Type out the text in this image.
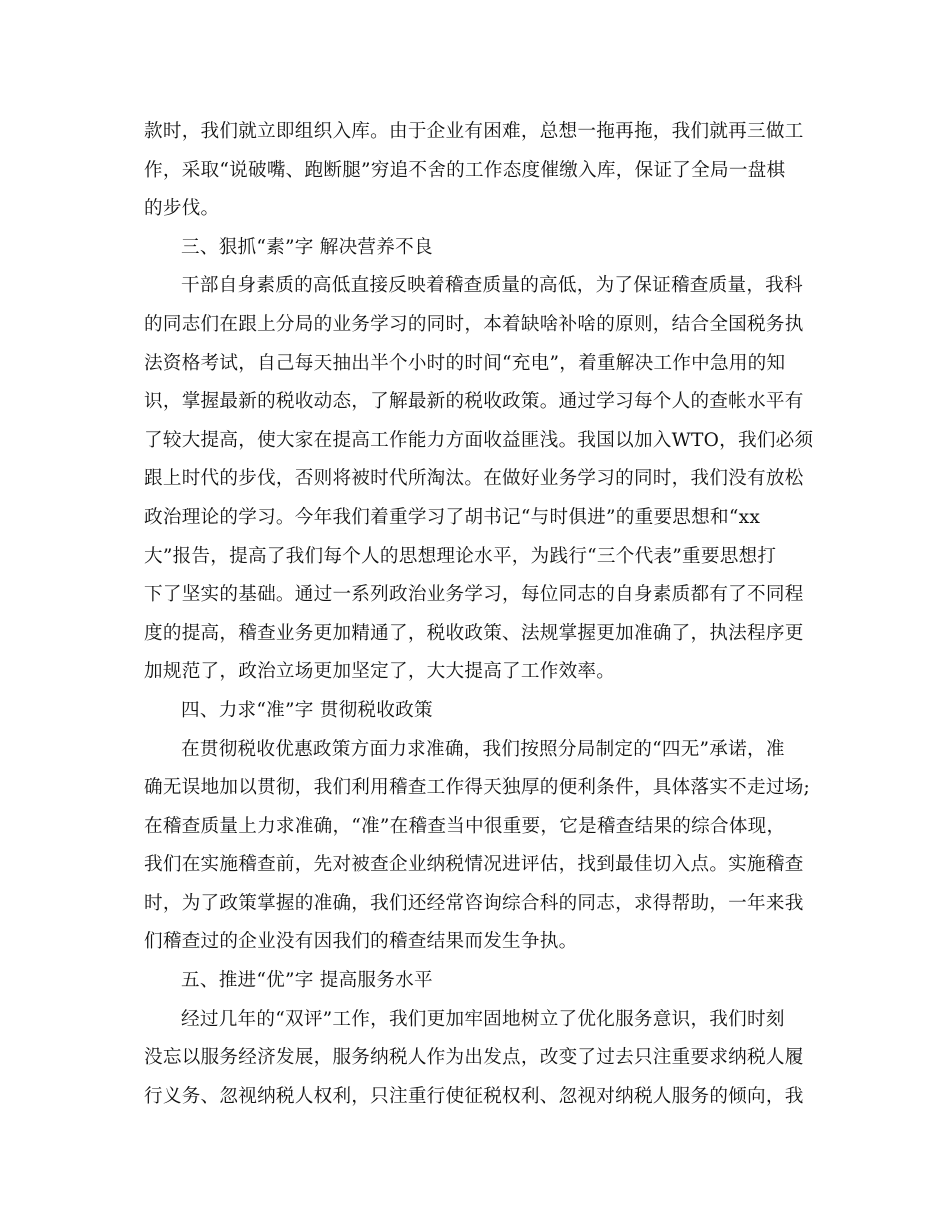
款时，我们就立即组织入库。由于企业有困难，总想一拖再拖，我们就再三做工
作，采取“说破嘴、跑断腿”穷追不舍的工作态度催缴入库，保证了全局一盘棋
的步伐。
三、狠抓“素”字 解决营养不良
干部自身素质的高低直接反映着稽查质量的高低，为了保证稽查质量，我科
的同志们在跟上分局的业务学习的同时，本着缺啥补啥的原则，结合全国税务执
法资格考试，自己每天抽出半个小时的时间“充电”，着重解决工作中急用的知
识，掌握最新的税收动态，了解最新的税收政策。通过学习每个人的查帐水平有
了较大提高，使大家在提高工作能力方面收益匪浅。我国以加入WTO，我们必须
跟上时代的步伐，否则将被时代所淘汰。在做好业务学习的同时，我们没有放松
政治理论的学习。今年我们着重学习了胡书记“与时俱进”的重要思想和“xx
大”报告，提高了我们每个人的思想理论水平，为践行“三个代表”重要思想打
下了坚实的基础。通过一系列政治业务学习，每位同志的自身素质都有了不同程
度的提高，稽查业务更加精通了，税收政策、法规掌握更加准确了，执法程序更
加规范了，政治立场更加坚定了，大大提高了工作效率。
四、力求“准”字 贯彻税收政策
在贯彻税收优惠政策方面力求准确，我们按照分局制定的“四无”承诺，准
确无误地加以贯彻，我们利用稽查工作得天独厚的便利条件，具体落实不走过场;
在稽查质量上力求准确，“准”在稽查当中很重要，它是稽查结果的综合体现，
我们在实施稽查前，先对被查企业纳税情况进评估，找到最佳切入点。实施稽查
时，为了政策掌握的准确，我们还经常咨询综合科的同志，求得帮助，一年来我
们稽查过的企业没有因我们的稽查结果而发生争执。
五、推进“优”字 提高服务水平
经过几年的“双评”工作，我们更加牢固地树立了优化服务意识，我们时刻
没忘以服务经济发展，服务纳税人作为出发点，改变了过去只注重要求纳税人履
行义务、忽视纳税人权利，只注重行使征税权利、忽视对纳税人服务的倾向，我
